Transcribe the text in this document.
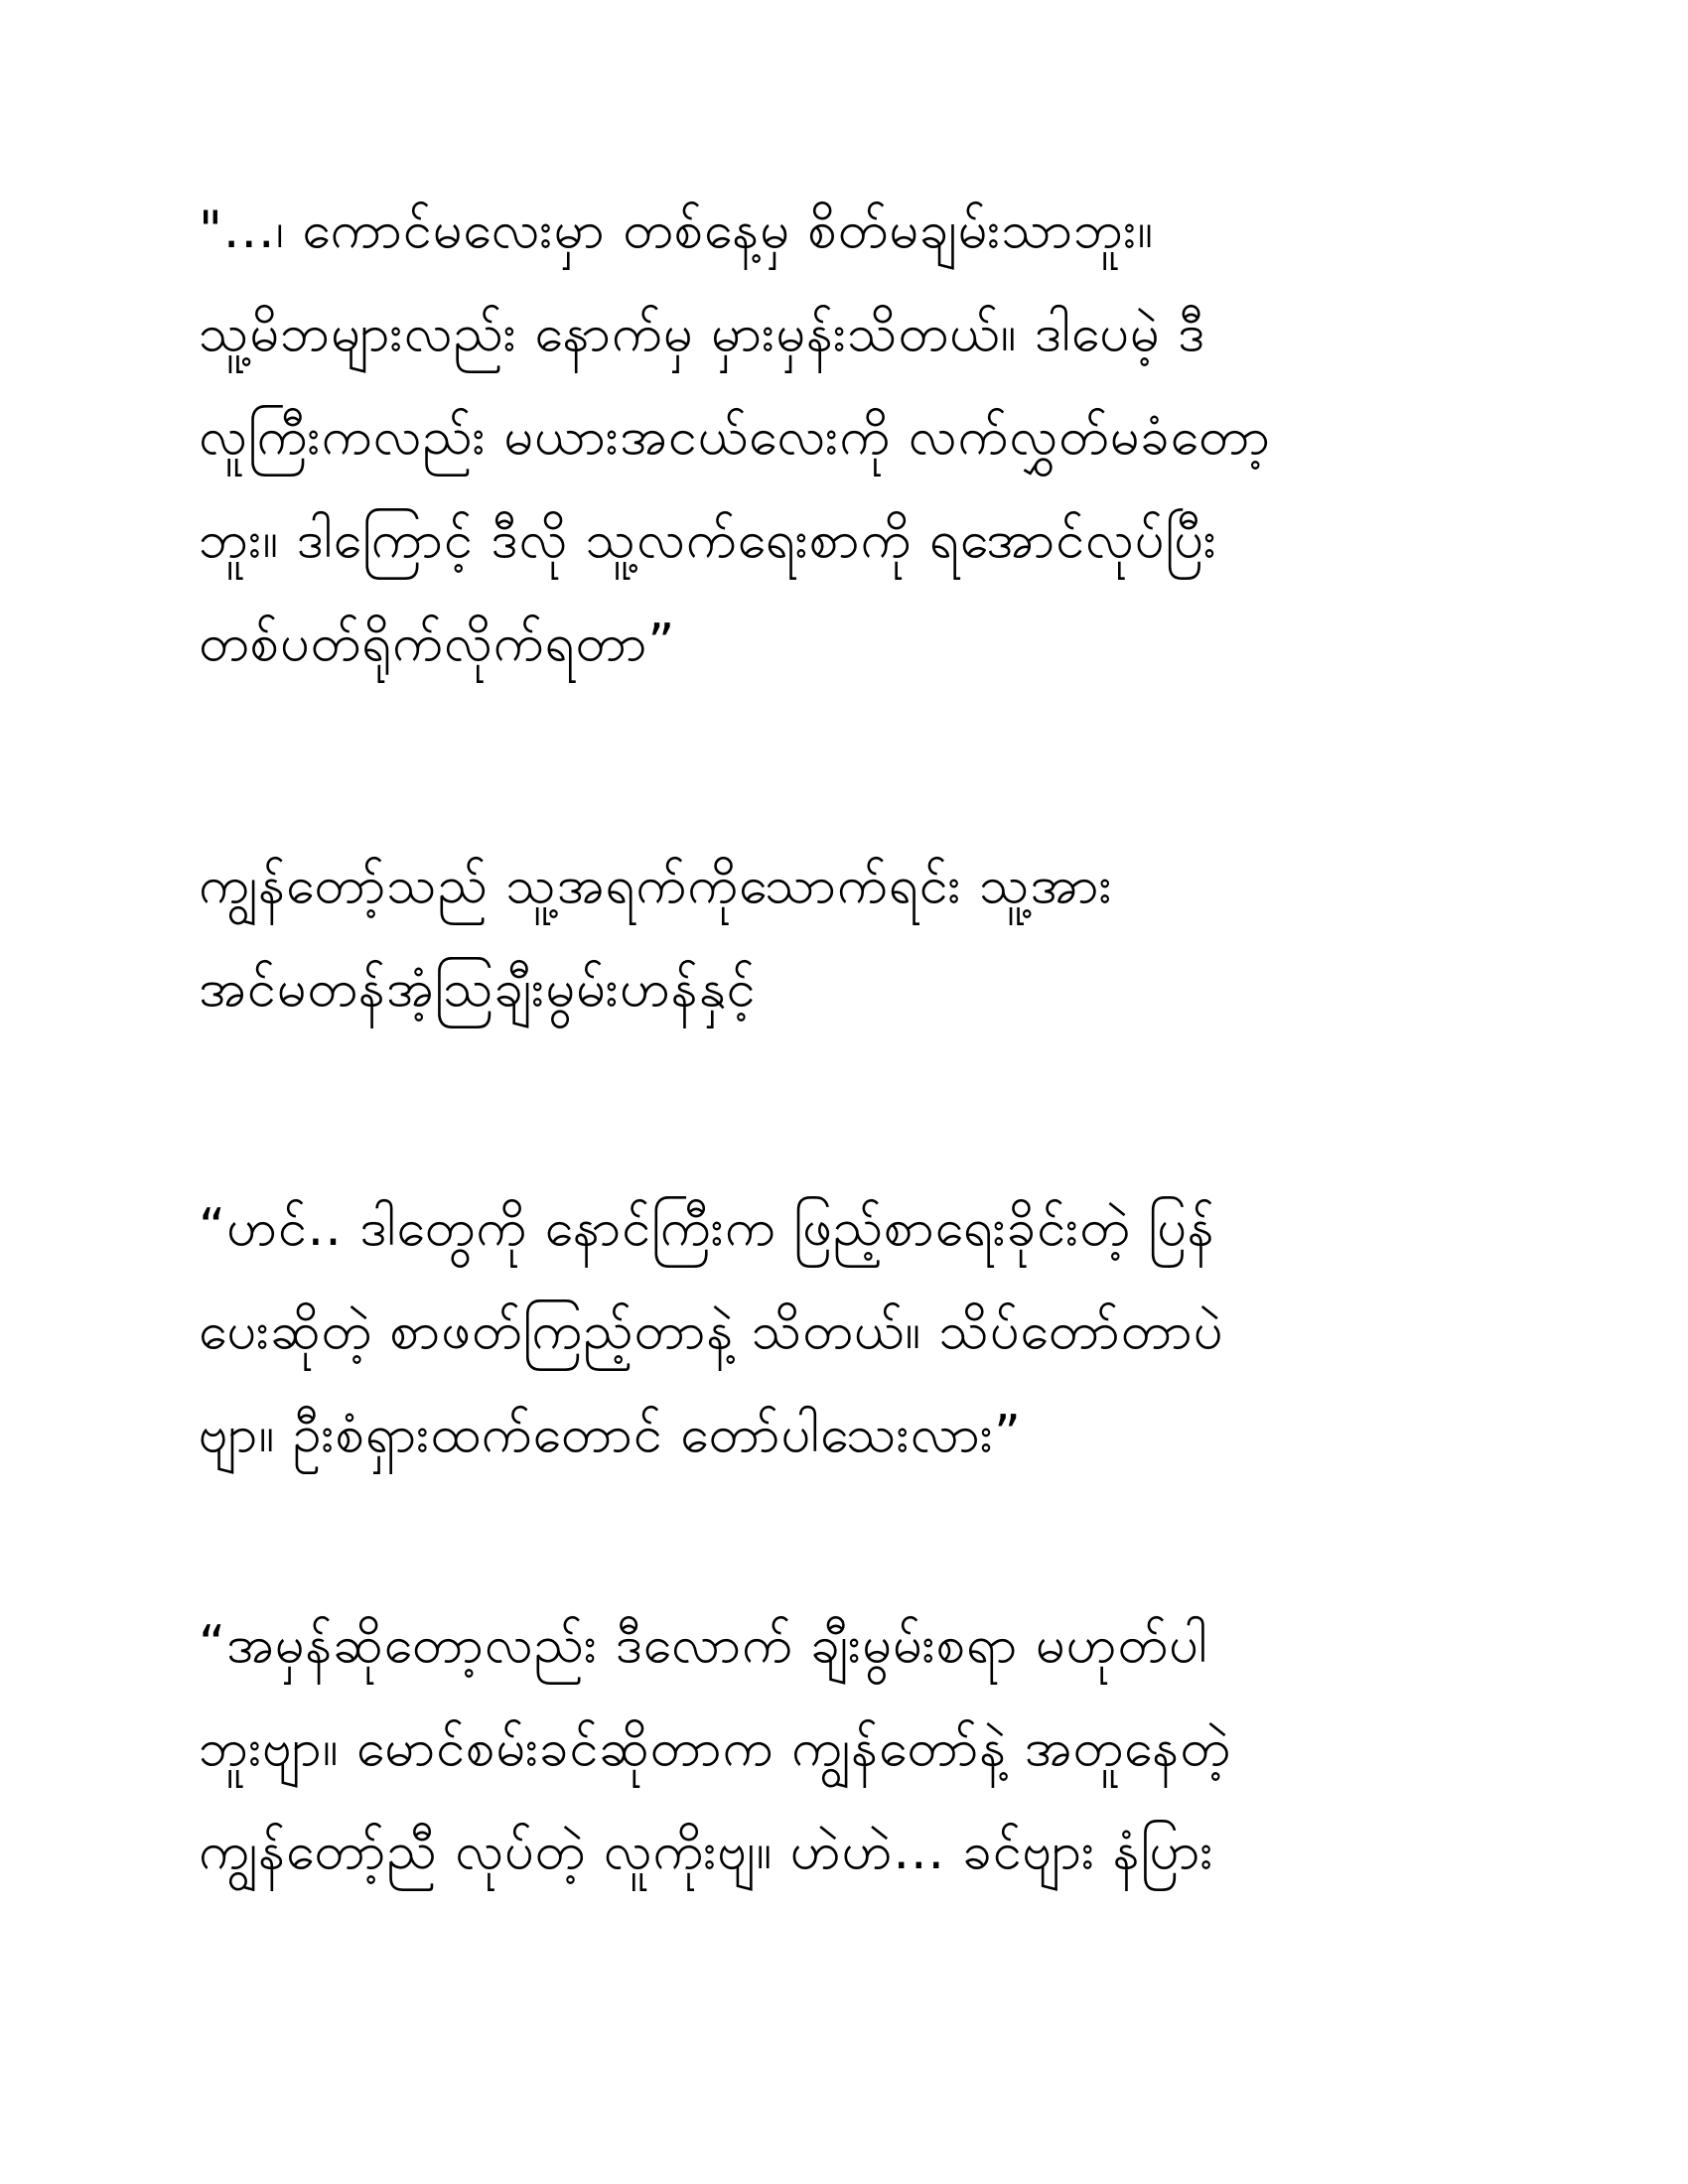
"...၊ ကောင်မလေးမှာ တစ်နေ့မှ စိတ်မချမ်းသာဘူး။
သူ့မိဘများလည်း နောက်မှ မှားမှန်းသိတယ်။ ဒါပေမဲ့ ဒီ
လူကြီးကလည်း မယားအငယ်လေးကို လက်လွှတ်မခံတော့
ဘူး။ ဒါကြောင့် ဒီလို သူ့လက်ရေးစာကို ရအောင်လုပ်ပြီး
တစ်ပတ်ရိုက်လိုက်ရတာ”
ကျွန်တော့်သည် သူ့အရက်ကိုသောက်ရင်း သူ့အား
အင်မတန်အံ့သြချီးမွမ်းဟန်နှင့်
“ဟင်.. ဒါတွေကို နောင်ကြီးက ဖြည့်စာရေးခိုင်းတဲ့ ပြန်
ပေးဆိုတဲ့ စာဖတ်ကြည့်တာနဲ့ သိတယ်။ သိပ်တော်တာပဲ
ဗျာ။ ဦးစံရှားထက်တောင် တော်ပါသေးလား”
“အမှန်ဆိုတော့လည်း ဒီလောက် ချီးမွမ်းစရာ မဟုတ်ပါ
ဘူးဗျာ။ မောင်စမ်းခင်ဆိုတာက ကျွန်တော်နဲ့ အတူနေတဲ့
ကျွန်တော့်ညီ လုပ်တဲ့ လူကိုးဗျ။ ဟဲဟဲ... ခင်ဗျား နံပြား
